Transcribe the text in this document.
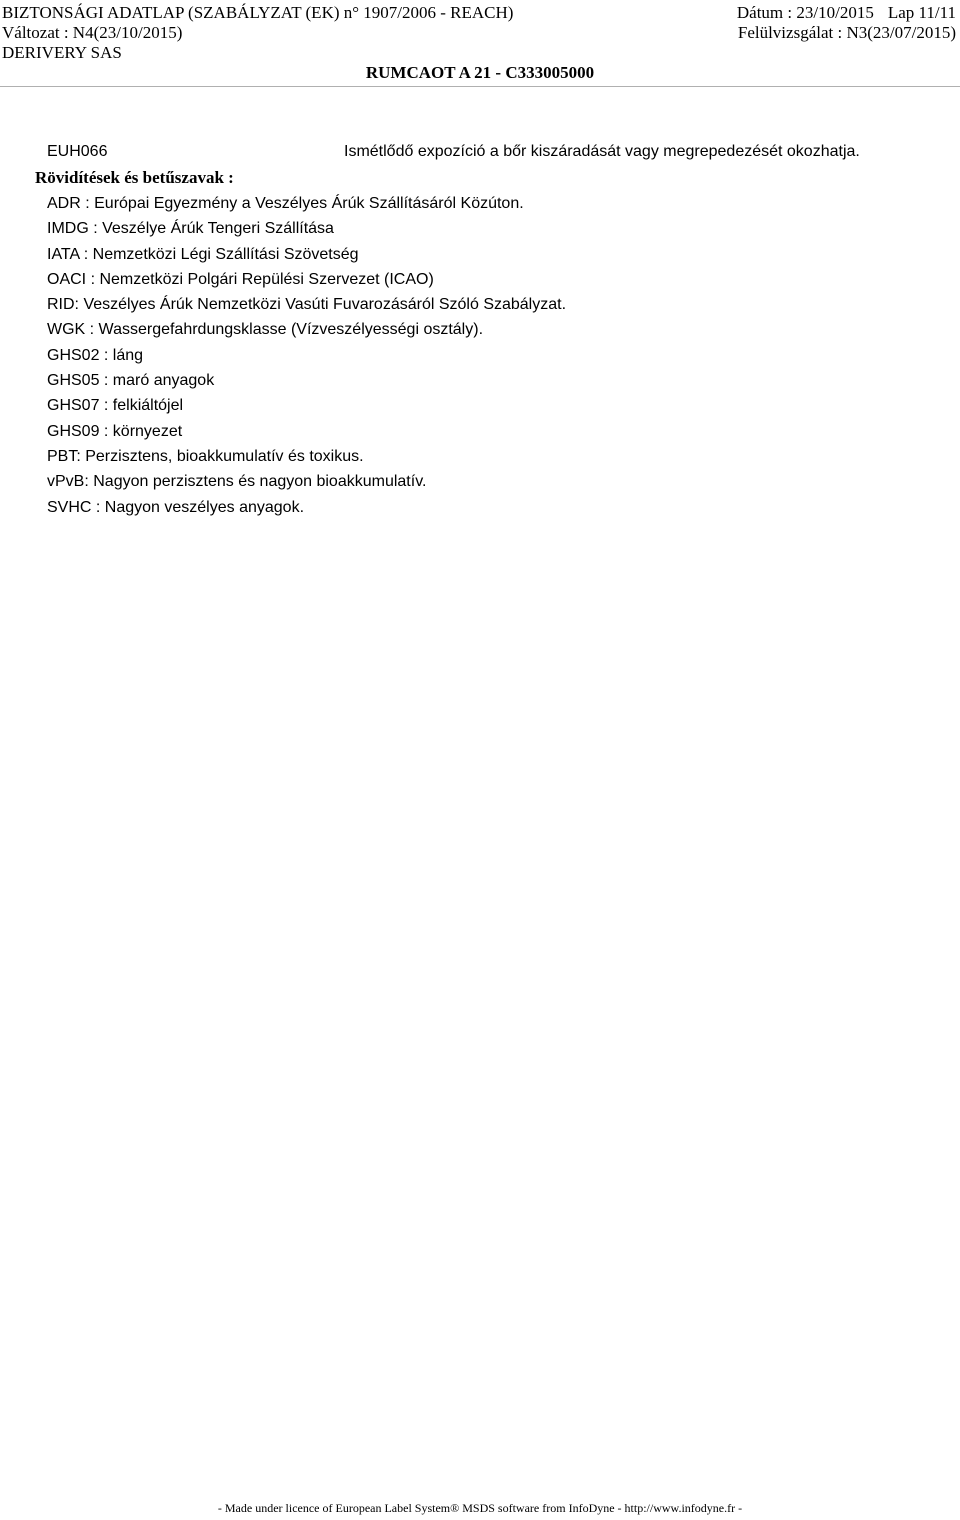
BIZTONSÁGI ADATLAP (SZABÁLYZAT (EK) n° 1907/2006 - REACH)	Dátum : 23/10/2015 Lap 11/11
Változat : N4(23/10/2015)	Felülvizsgálat : N3(23/07/2015)
DERIVERY SAS
RUMCAOT A 21 - C333005000
EUH066	Ismétlődő expozíció a bőr kiszáradását vagy megrepedezését okozhatja.
Rövidítések és betűszavak :
ADR : Európai Egyezmény a Veszélyes Árúk Szállításáról Közúton.
IMDG : Veszélye Árúk Tengeri Szállítása
IATA : Nemzetközi Légi Szállítási Szövetség
OACI : Nemzetközi Polgári Repülési Szervezet (ICAO)
RID: Veszélyes Árúk Nemzetközi Vasúti Fuvarozásáról Szóló Szabályzat.
WGK : Wassergefahrdungsklasse (Vízveszélyességi osztály).
GHS02 : láng
GHS05 : maró anyagok
GHS07 : felkiáltójel
GHS09 : környezet
PBT: Perzisztens, bioakkumulatív és toxikus.
vPvB: Nagyon perzisztens és nagyon bioakkumulatív.
SVHC : Nagyon veszélyes anyagok.
- Made under licence of European Label System® MSDS software from InfoDyne - http://www.infodyne.fr -
